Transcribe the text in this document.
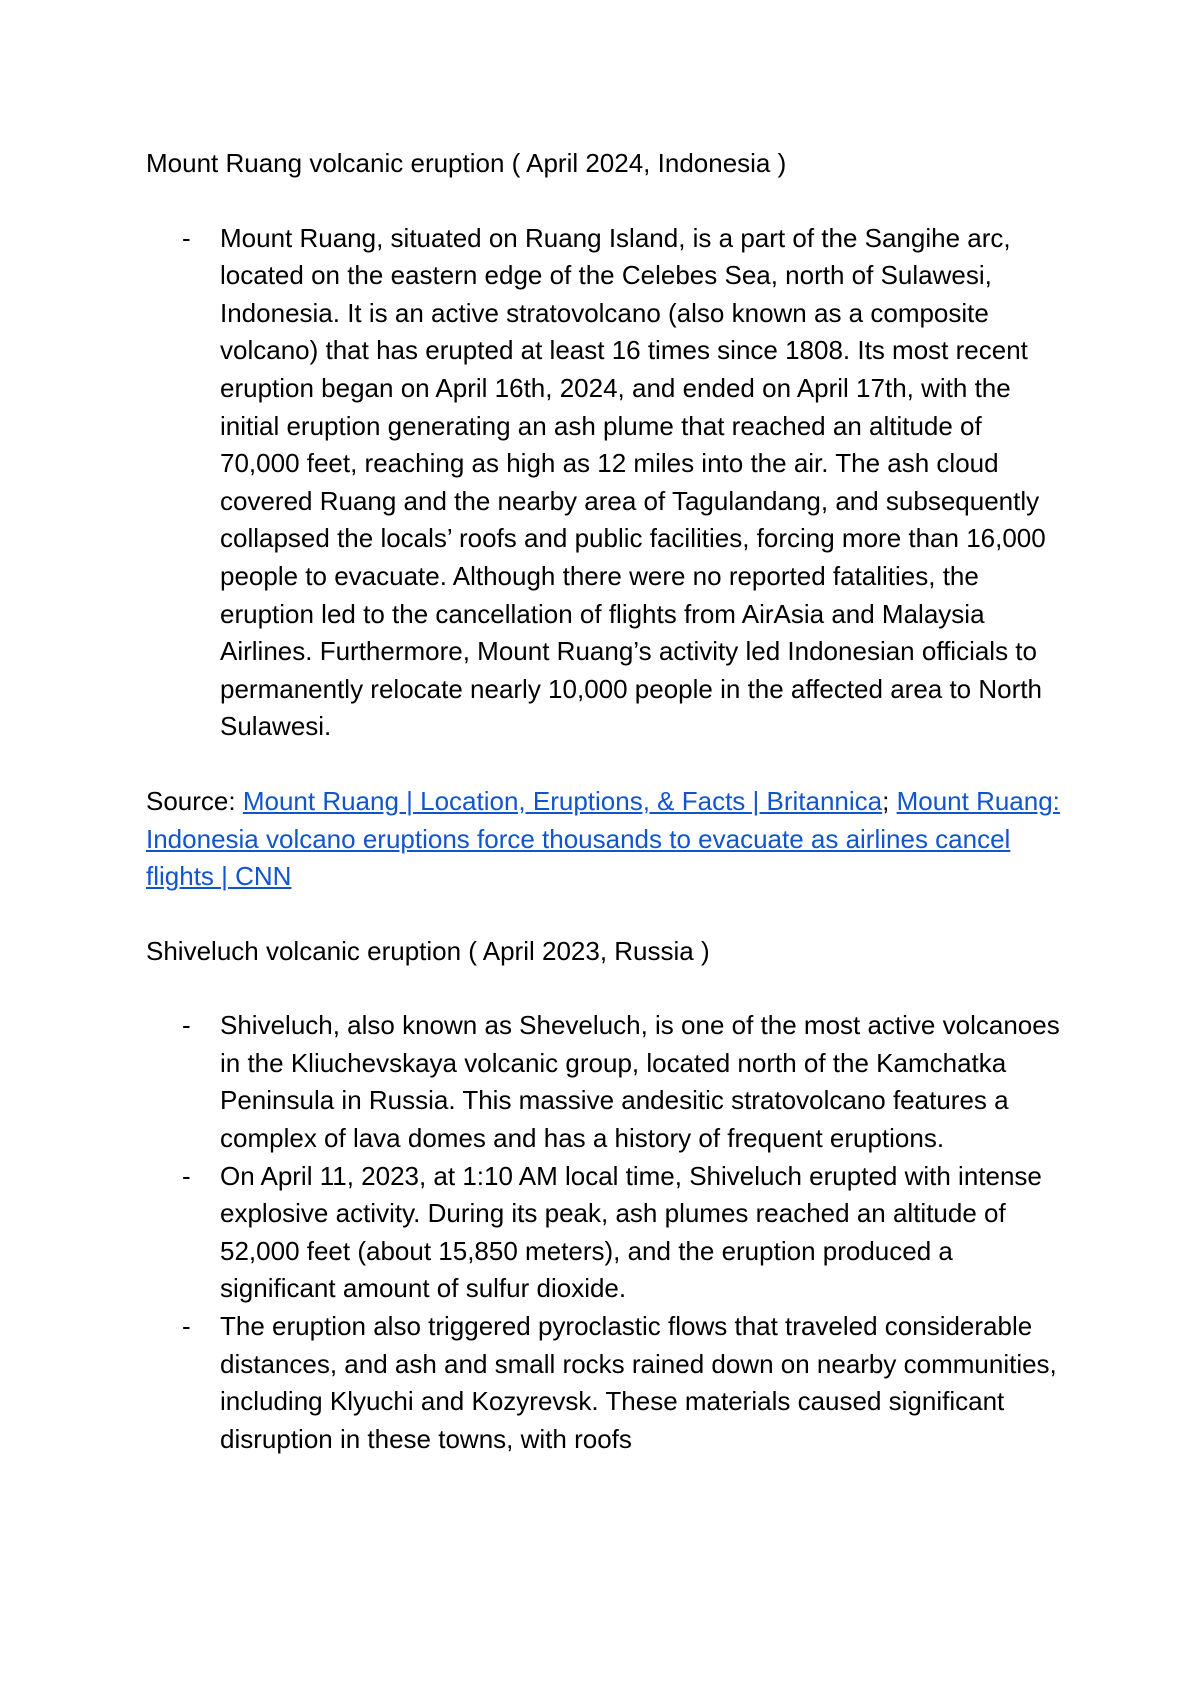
Mount Ruang volcanic eruption ( April 2024, Indonesia )

- Mount Ruang, situated on Ruang Island, is a part of the Sangihe arc, located on the eastern edge of the Celebes Sea, north of Sulawesi, Indonesia. It is an active stratovolcano (also known as a composite volcano) that has erupted at least 16 times since 1808. Its most recent eruption began on April 16th, 2024, and ended on April 17th, with the initial eruption generating an ash plume that reached an altitude of 70,000 feet, reaching as high as 12 miles into the air. The ash cloud covered Ruang and the nearby area of Tagulandang, and subsequently collapsed the locals’ roofs and public facilities, forcing more than 16,000 people to evacuate. Although there were no reported fatalities, the eruption led to the cancellation of flights from AirAsia and Malaysia Airlines. Furthermore, Mount Ruang’s activity led Indonesian officials to permanently relocate nearly 10,000 people in the affected area to North Sulawesi.

Source: Mount Ruang | Location, Eruptions, & Facts | Britannica; Mount Ruang: Indonesia volcano eruptions force thousands to evacuate as airlines cancel flights | CNN

Shiveluch volcanic eruption ( April 2023, Russia )

- Shiveluch, also known as Sheveluch, is one of the most active volcanoes in the Kliuchevskaya volcanic group, located north of the Kamchatka Peninsula in Russia. This massive andesitic stratovolcano features a complex of lava domes and has a history of frequent eruptions.
- On April 11, 2023, at 1:10 AM local time, Shiveluch erupted with intense explosive activity. During its peak, ash plumes reached an altitude of 52,000 feet (about 15,850 meters), and the eruption produced a significant amount of sulfur dioxide.
- The eruption also triggered pyroclastic flows that traveled considerable distances, and ash and small rocks rained down on nearby communities, including Klyuchi and Kozyrevsk. These materials caused significant disruption in these towns, with roofs
